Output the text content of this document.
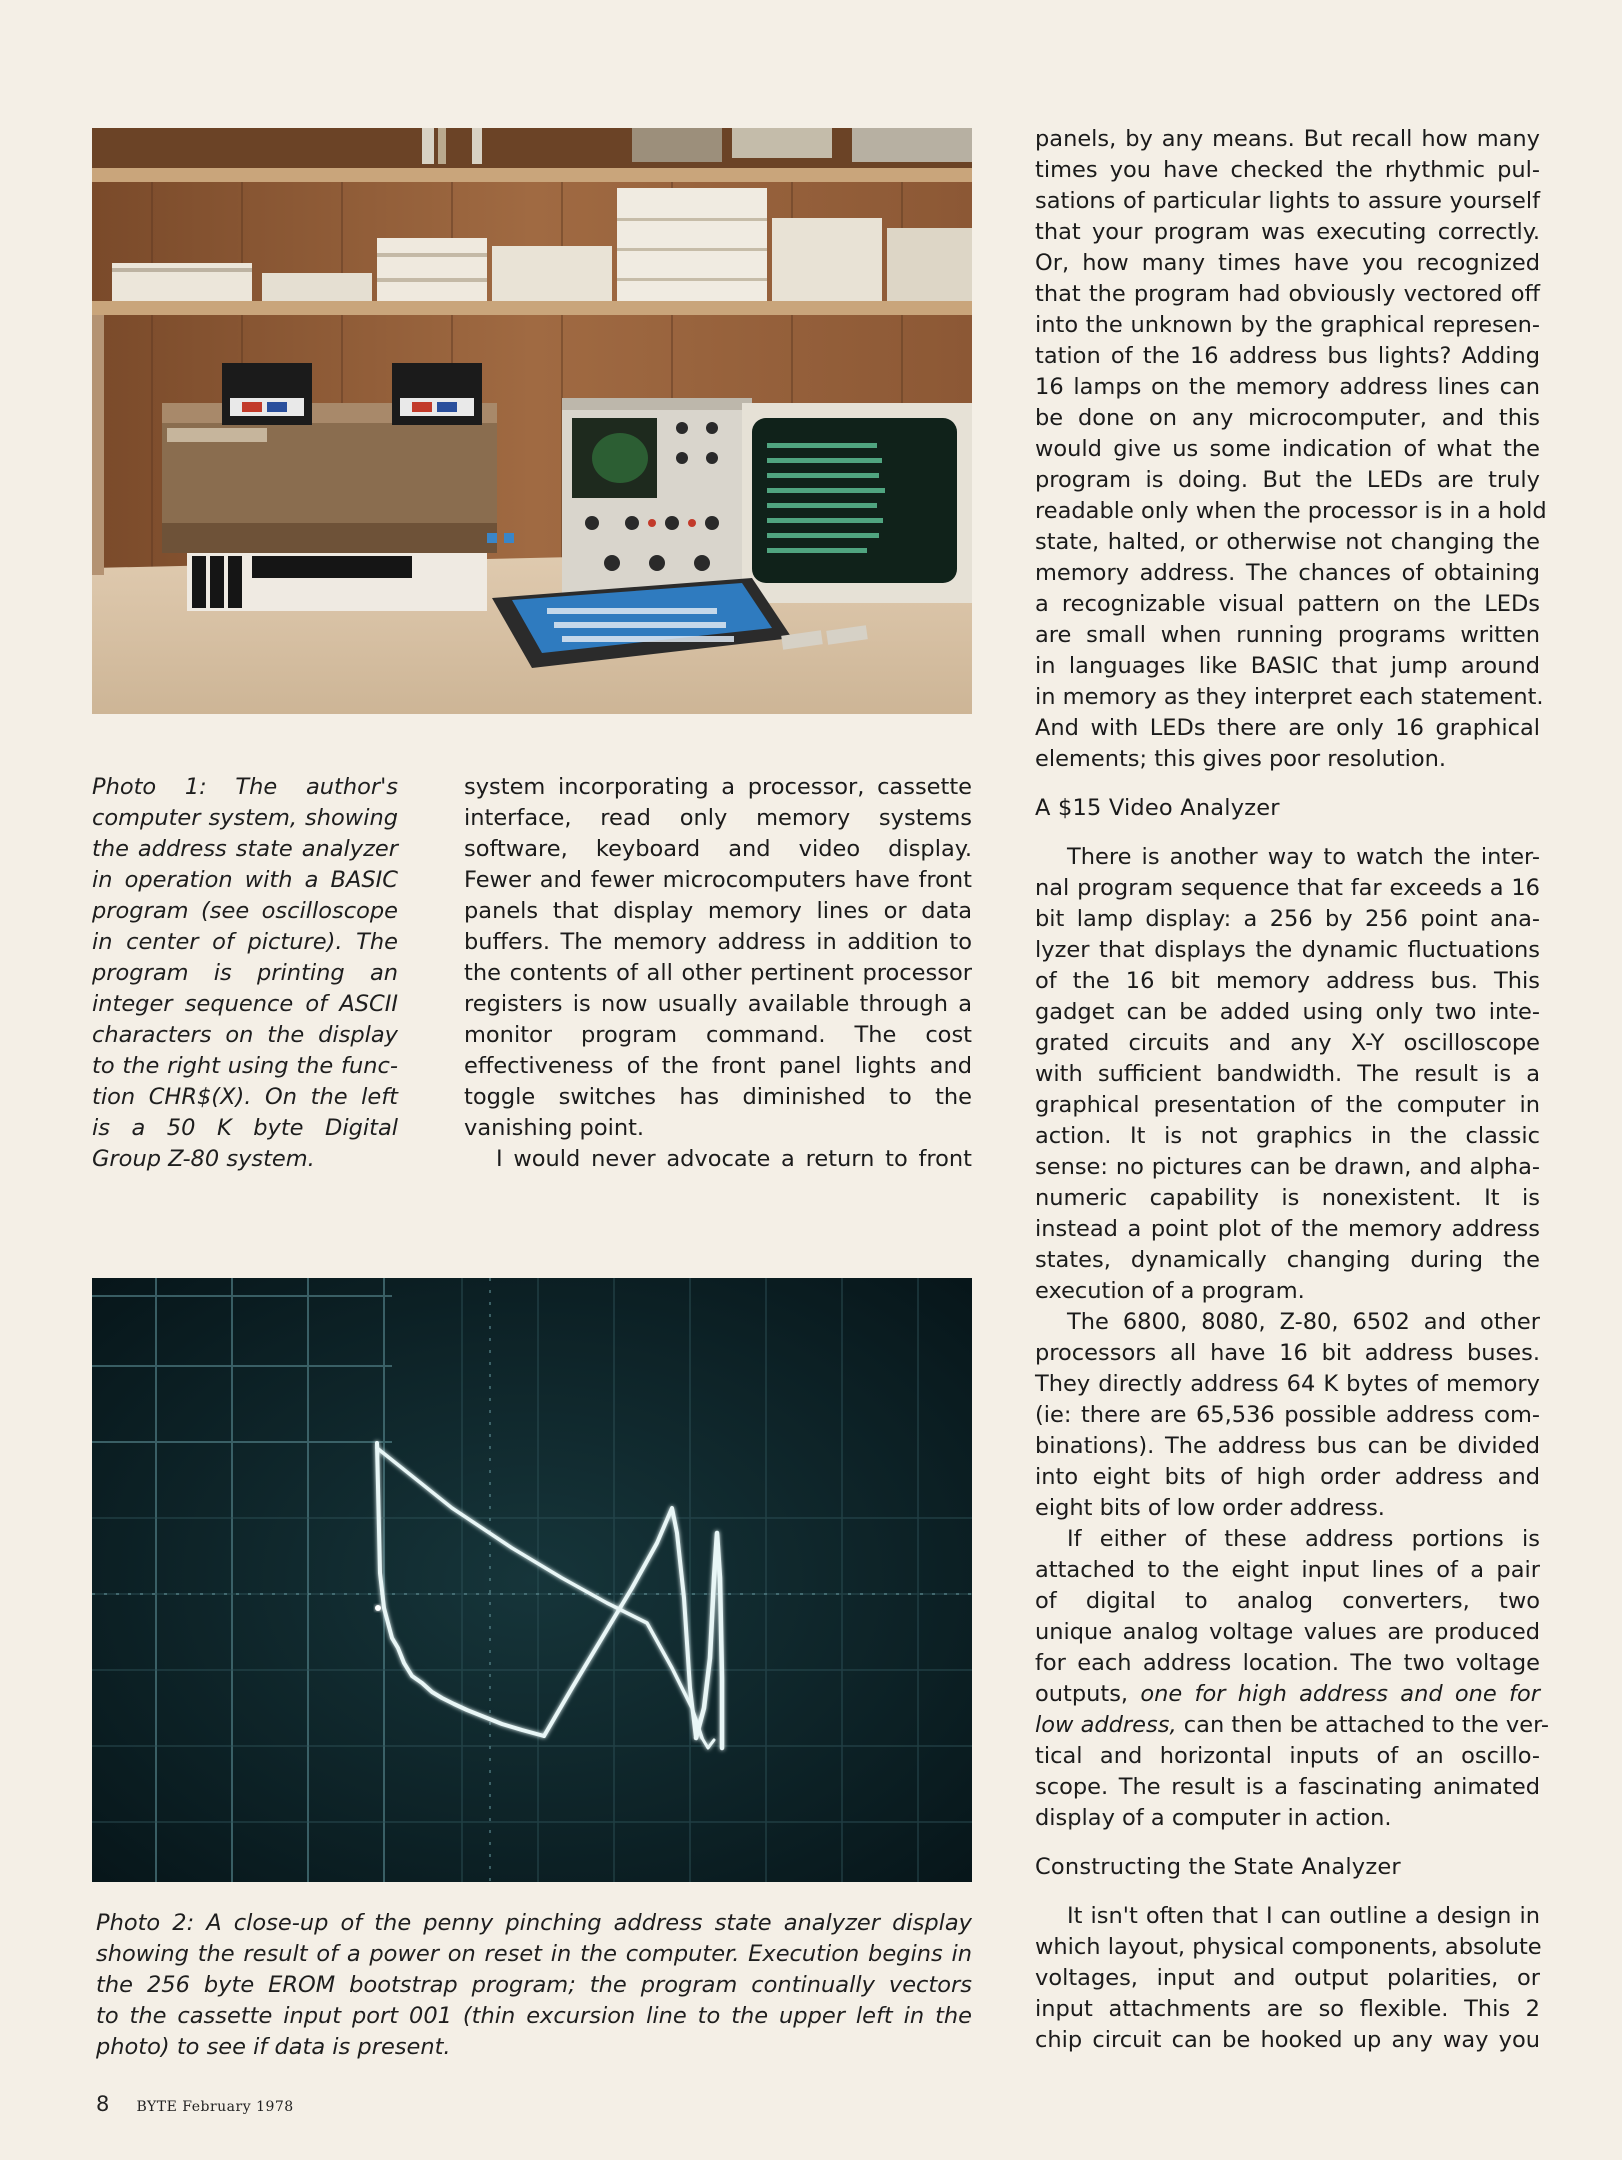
Photo 1: The author's
computer system, showing
the address state analyzer
in operation with a BASIC
program (see oscilloscope
in center of picture). The
program is printing an
integer sequence of ASCII
characters on the display
to the right using the func-
tion CHR$(X). On the left
is a 50 K byte Digital
Group Z-80 system.
system incorporating a processor, cassette
interface, read only memory systems
software, keyboard and video display.
Fewer and fewer microcomputers have front
panels that display memory lines or data
buffers. The memory address in addition to
the contents of all other pertinent processor
registers is now usually available through a
monitor program command. The cost
effectiveness of the front panel lights and
toggle switches has diminished to the
vanishing point.
I would never advocate a return to front
Photo 2: A close-up of the penny pinching address state analyzer display
showing the result of a power on reset in the computer. Execution begins in
the 256 byte EROM bootstrap program; the program continually vectors
to the cassette input port 001 (thin excursion line to the upper left in the
photo) to see if data is present.
panels, by any means. But recall how many
times you have checked the rhythmic pul-
sations of particular lights to assure yourself
that your program was executing correctly.
Or, how many times have you recognized
that the program had obviously vectored off
into the unknown by the graphical represen-
tation of the 16 address bus lights? Adding
16 lamps on the memory address lines can
be done on any microcomputer, and this
would give us some indication of what the
program is doing. But the LEDs are truly
readable only when the processor is in a hold
state, halted, or otherwise not changing the
memory address. The chances of obtaining
a recognizable visual pattern on the LEDs
are small when running programs written
in languages like BASIC that jump around
in memory as they interpret each statement.
And with LEDs there are only 16 graphical
elements; this gives poor resolution.
A $15 Video Analyzer
There is another way to watch the inter-
nal program sequence that far exceeds a 16
bit lamp display: a 256 by 256 point ana-
lyzer that displays the dynamic fluctuations
of the 16 bit memory address bus. This
gadget can be added using only two inte-
grated circuits and any X-Y oscilloscope
with sufficient bandwidth. The result is a
graphical presentation of the computer in
action. It is not graphics in the classic
sense: no pictures can be drawn, and alpha-
numeric capability is nonexistent. It is
instead a point plot of the memory address
states, dynamically changing during the
execution of a program.
The 6800, 8080, Z-80, 6502 and other
processors all have 16 bit address buses.
They directly address 64 K bytes of memory
(ie: there are 65,536 possible address com-
binations). The address bus can be divided
into eight bits of high order address and
eight bits of low order address.
If either of these address portions is
attached to the eight input lines of a pair
of digital to analog converters, two
unique analog voltage values are produced
for each address location. The two voltage
outputs, one for high address and one for
low address, can then be attached to the ver-
tical and horizontal inputs of an oscillo-
scope. The result is a fascinating animated
display of a computer in action.
Constructing the State Analyzer
It isn't often that I can outline a design in
which layout, physical components, absolute
voltages, input and output polarities, or
input attachments are so flexible. This 2
chip circuit can be hooked up any way you
8 BYTE February 1978
